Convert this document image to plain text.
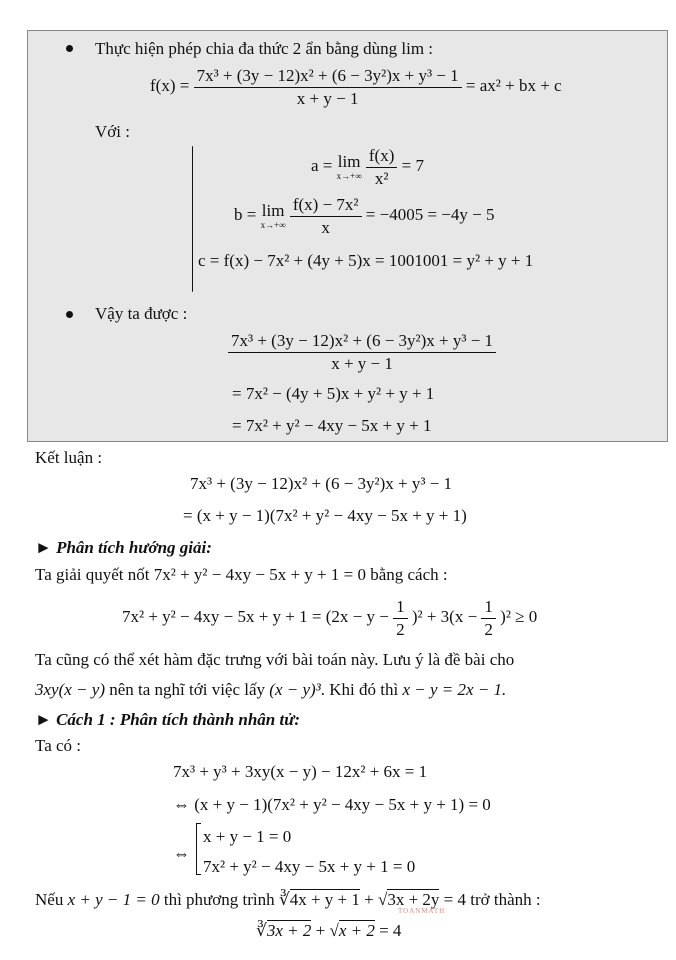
Thực hiện phép chia đa thức 2 ẩn bằng dùng lim :
$f(x) = \frac{\text{7x³ + (3y − 12)x² + (6 − 3y²)x + y³ − 1}}{x + y - 1} = ax^2$ + bx + c
Với :
a = lim
x→+∞
$\frac{f(x)}{\text{x²}} = 7$
b = lim
x→+∞
$\frac{\text{f(x) − 7x²}}{x} = -4005 = -4y - 5$
c = f(x) − 7x² + (4y + 5)x = 1001001 = y² + y + 1
Vậy ta được :
$\frac{\text{7x³ + (3y − 12)x² + (6 − 3y²)x + y³ − 1}}{x + y - 1}$
= 7x² − (4y + 5)x + y² + y + 1
= 7x² + y² − 4xy − 5x + y + 1
Kết luận :
7x³ + (3y − 12)x² + (6 − 3y²)x + y³ − 1
= (x + y − 1)(7x² + y² − 4xy − 5x + y + 1)
► Phân tích hướng giải:
Ta giải quyết nốt 7x² + y² − 4xy − 5x + y + 1 = 0 bằng cách :
$7x^2 + y^2 - 4xy - 5x + y + 1 = (2x - y - \frac{1}{2} )^2 + 3(x - \frac{1}{2} )^2 \ge 0$
Ta cũng có thể xét hàm đặc trưng với bài toán này. Lưu ý là đề bài cho
3xy(x − y) nên ta nghĩ tới việc lấy (x − y)³. Khi đó thì x − y = 2x − 1.
► Cách 1 : Phân tích thành nhân tử:
Ta có :
7x³ + y³ + 3xy(x − y) − 12x² + 6x = 1
⇔ (x + y − 1)(7x² + y² − 4xy − 5x + y + 1) = 0
⇔
x + y − 1 = 0
7x² + y² − 4xy − 5x + y + 1 = 0
Nếu x + y − 1 = 0 thì phương trình ∛4x + y + 1 + √3x + 2y = 4 trở thành :
TOANMATH
∛3x + 2 + √x + 2 = 4
